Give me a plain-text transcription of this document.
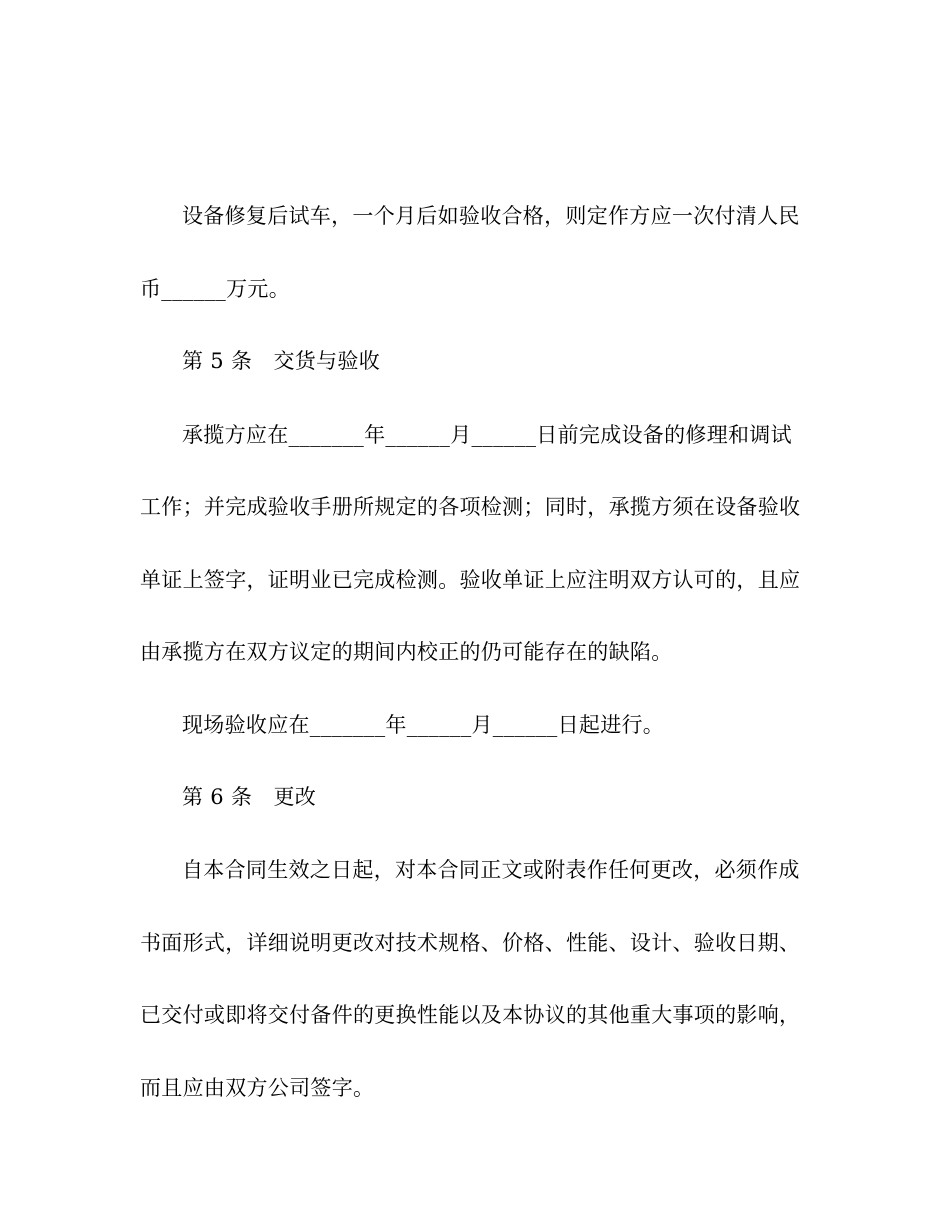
设备修复后试车，一个月后如验收合格，则定作方应一次付清人民
币______万元。
第 5 条　交货与验收
承揽方应在_______年______月______日前完成设备的修理和调试
工作；并完成验收手册所规定的各项检测；同时，承揽方须在设备验收
单证上签字，证明业已完成检测。验收单证上应注明双方认可的，且应
由承揽方在双方议定的期间内校正的仍可能存在的缺陷。
现场验收应在_______年______月______日起进行。
第 6 条　更改
自本合同生效之日起，对本合同正文或附表作任何更改，必须作成
书面形式，详细说明更改对技术规格、价格、性能、设计、验收日期、
已交付或即将交付备件的更换性能以及本协议的其他重大事项的影响，
而且应由双方公司签字。
